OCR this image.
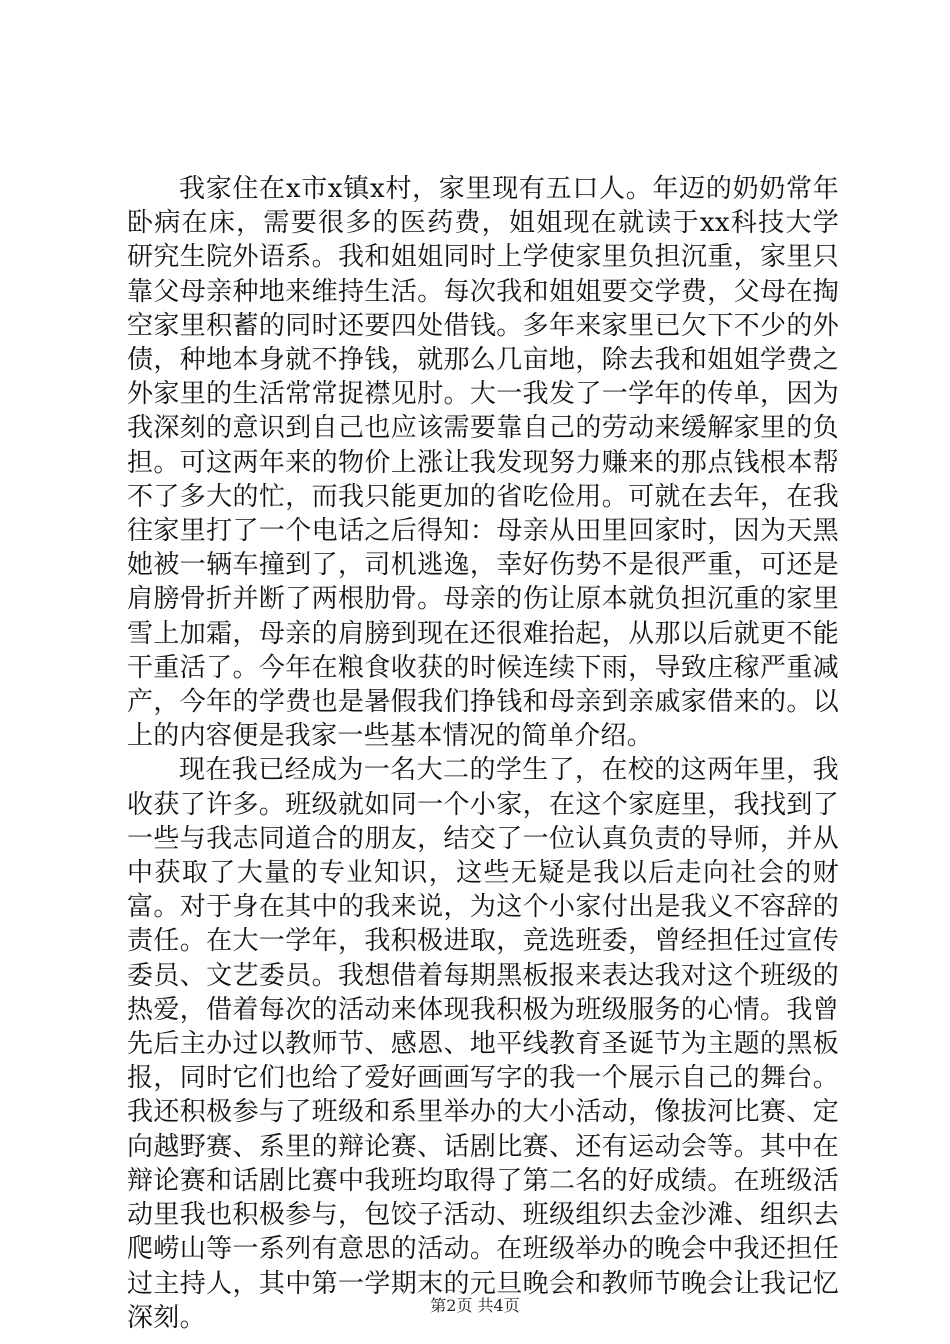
我家住在x市x镇x村，家里现有五口人。年迈的奶奶常年卧病在床，需要很多的医药费，姐姐现在就读于xx科技大学研究生院外语系。我和姐姐同时上学使家里负担沉重，家里只靠父母亲种地来维持生活。每次我和姐姐要交学费，父母在掏空家里积蓄的同时还要四处借钱。多年来家里已欠下不少的外债，种地本身就不挣钱，就那么几亩地，除去我和姐姐学费之外家里的生活常常捉襟见肘。大一我发了一学年的传单，因为我深刻的意识到自己也应该需要靠自己的劳动来缓解家里的负担。可这两年来的物价上涨让我发现努力赚来的那点钱根本帮不了多大的忙，而我只能更加的省吃俭用。可就在去年，在我往家里打了一个电话之后得知：母亲从田里回家时，因为天黑她被一辆车撞到了，司机逃逸，幸好伤势不是很严重，可还是肩膀骨折并断了两根肋骨。母亲的伤让原本就负担沉重的家里雪上加霜，母亲的肩膀到现在还很难抬起，从那以后就更不能干重活了。今年在粮食收获的时候连续下雨，导致庄稼严重减产，今年的学费也是暑假我们挣钱和母亲到亲戚家借来的。以上的内容便是我家一些基本情况的简单介绍。

现在我已经成为一名大二的学生了，在校的这两年里，我收获了许多。班级就如同一个小家，在这个家庭里，我找到了一些与我志同道合的朋友，结交了一位认真负责的导师，并从中获取了大量的专业知识，这些无疑是我以后走向社会的财富。对于身在其中的我来说，为这个小家付出是我义不容辞的责任。在大一学年，我积极进取，竞选班委，曾经担任过宣传委员、文艺委员。我想借着每期黑板报来表达我对这个班级的热爱，借着每次的活动来体现我积极为班级服务的心情。我曾先后主办过以教师节、感恩、地平线教育圣诞节为主题的黑板报，同时它们也给了爱好画画写字的我一个展示自己的舞台。我还积极参与了班级和系里举办的大小活动，像拔河比赛、定向越野赛、系里的辩论赛、话剧比赛、还有运动会等。其中在辩论赛和话剧比赛中我班均取得了第二名的好成绩。在班级活动里我也积极参与，包饺子活动、班级组织去金沙滩、组织去爬崂山等一系列有意思的活动。在班级举办的晚会中我还担任过主持人，其中第一学期末的元旦晚会和教师节晚会让我记忆深刻。	第2页 共4页
